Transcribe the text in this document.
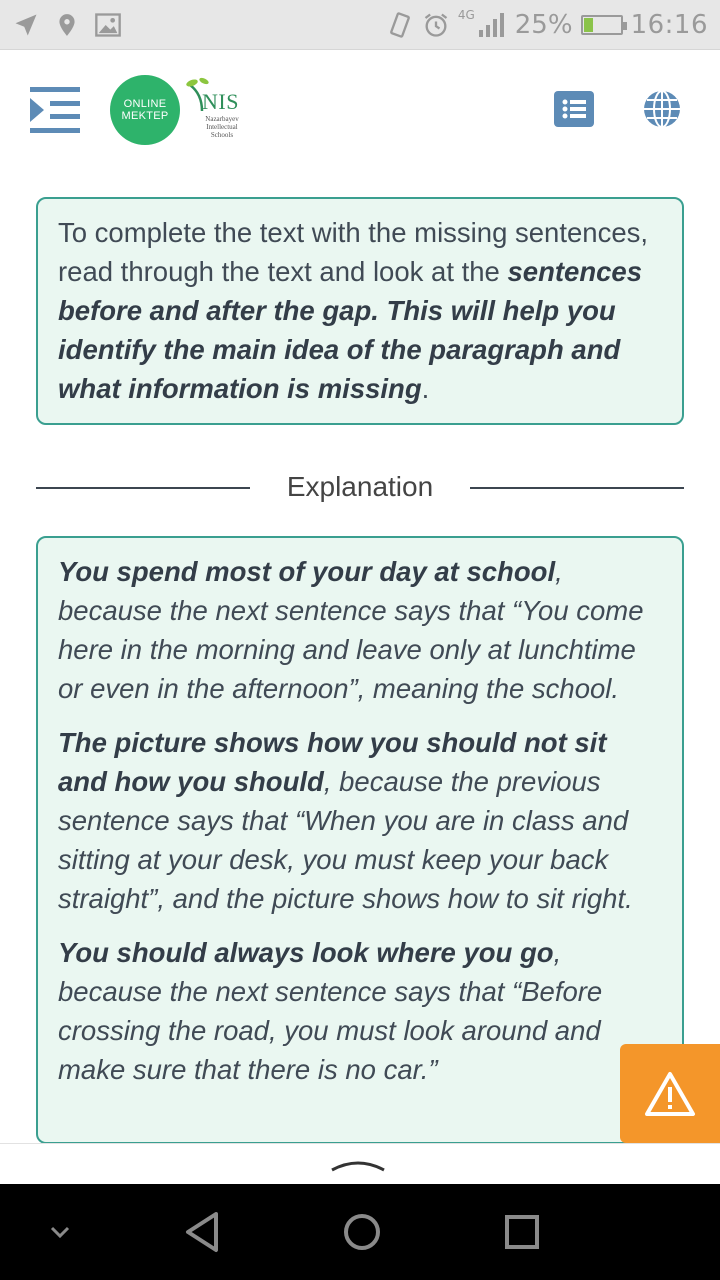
4G 25% 16:16
ONLINE
MEKTEP
NIS
Nazarbayev Intellectual Schools
To complete the text with the missing sentences, read through the text and look at the sentences before and after the gap. This will help you identify the main idea of the paragraph and what information is missing.
Explanation

You spend most of your day at school, because the next sentence says that “You come here in the morning and leave only at lunchtime or even in the afternoon”, meaning the school.

The picture shows how you should not sit and how you should, because the previous sentence says that “When you are in class and sitting at your desk, you must keep your back straight”, and the picture shows how to sit right.

You should always look where you go, because the next sentence says that “Before crossing the road, you must look around and make sure that there is no car.”
